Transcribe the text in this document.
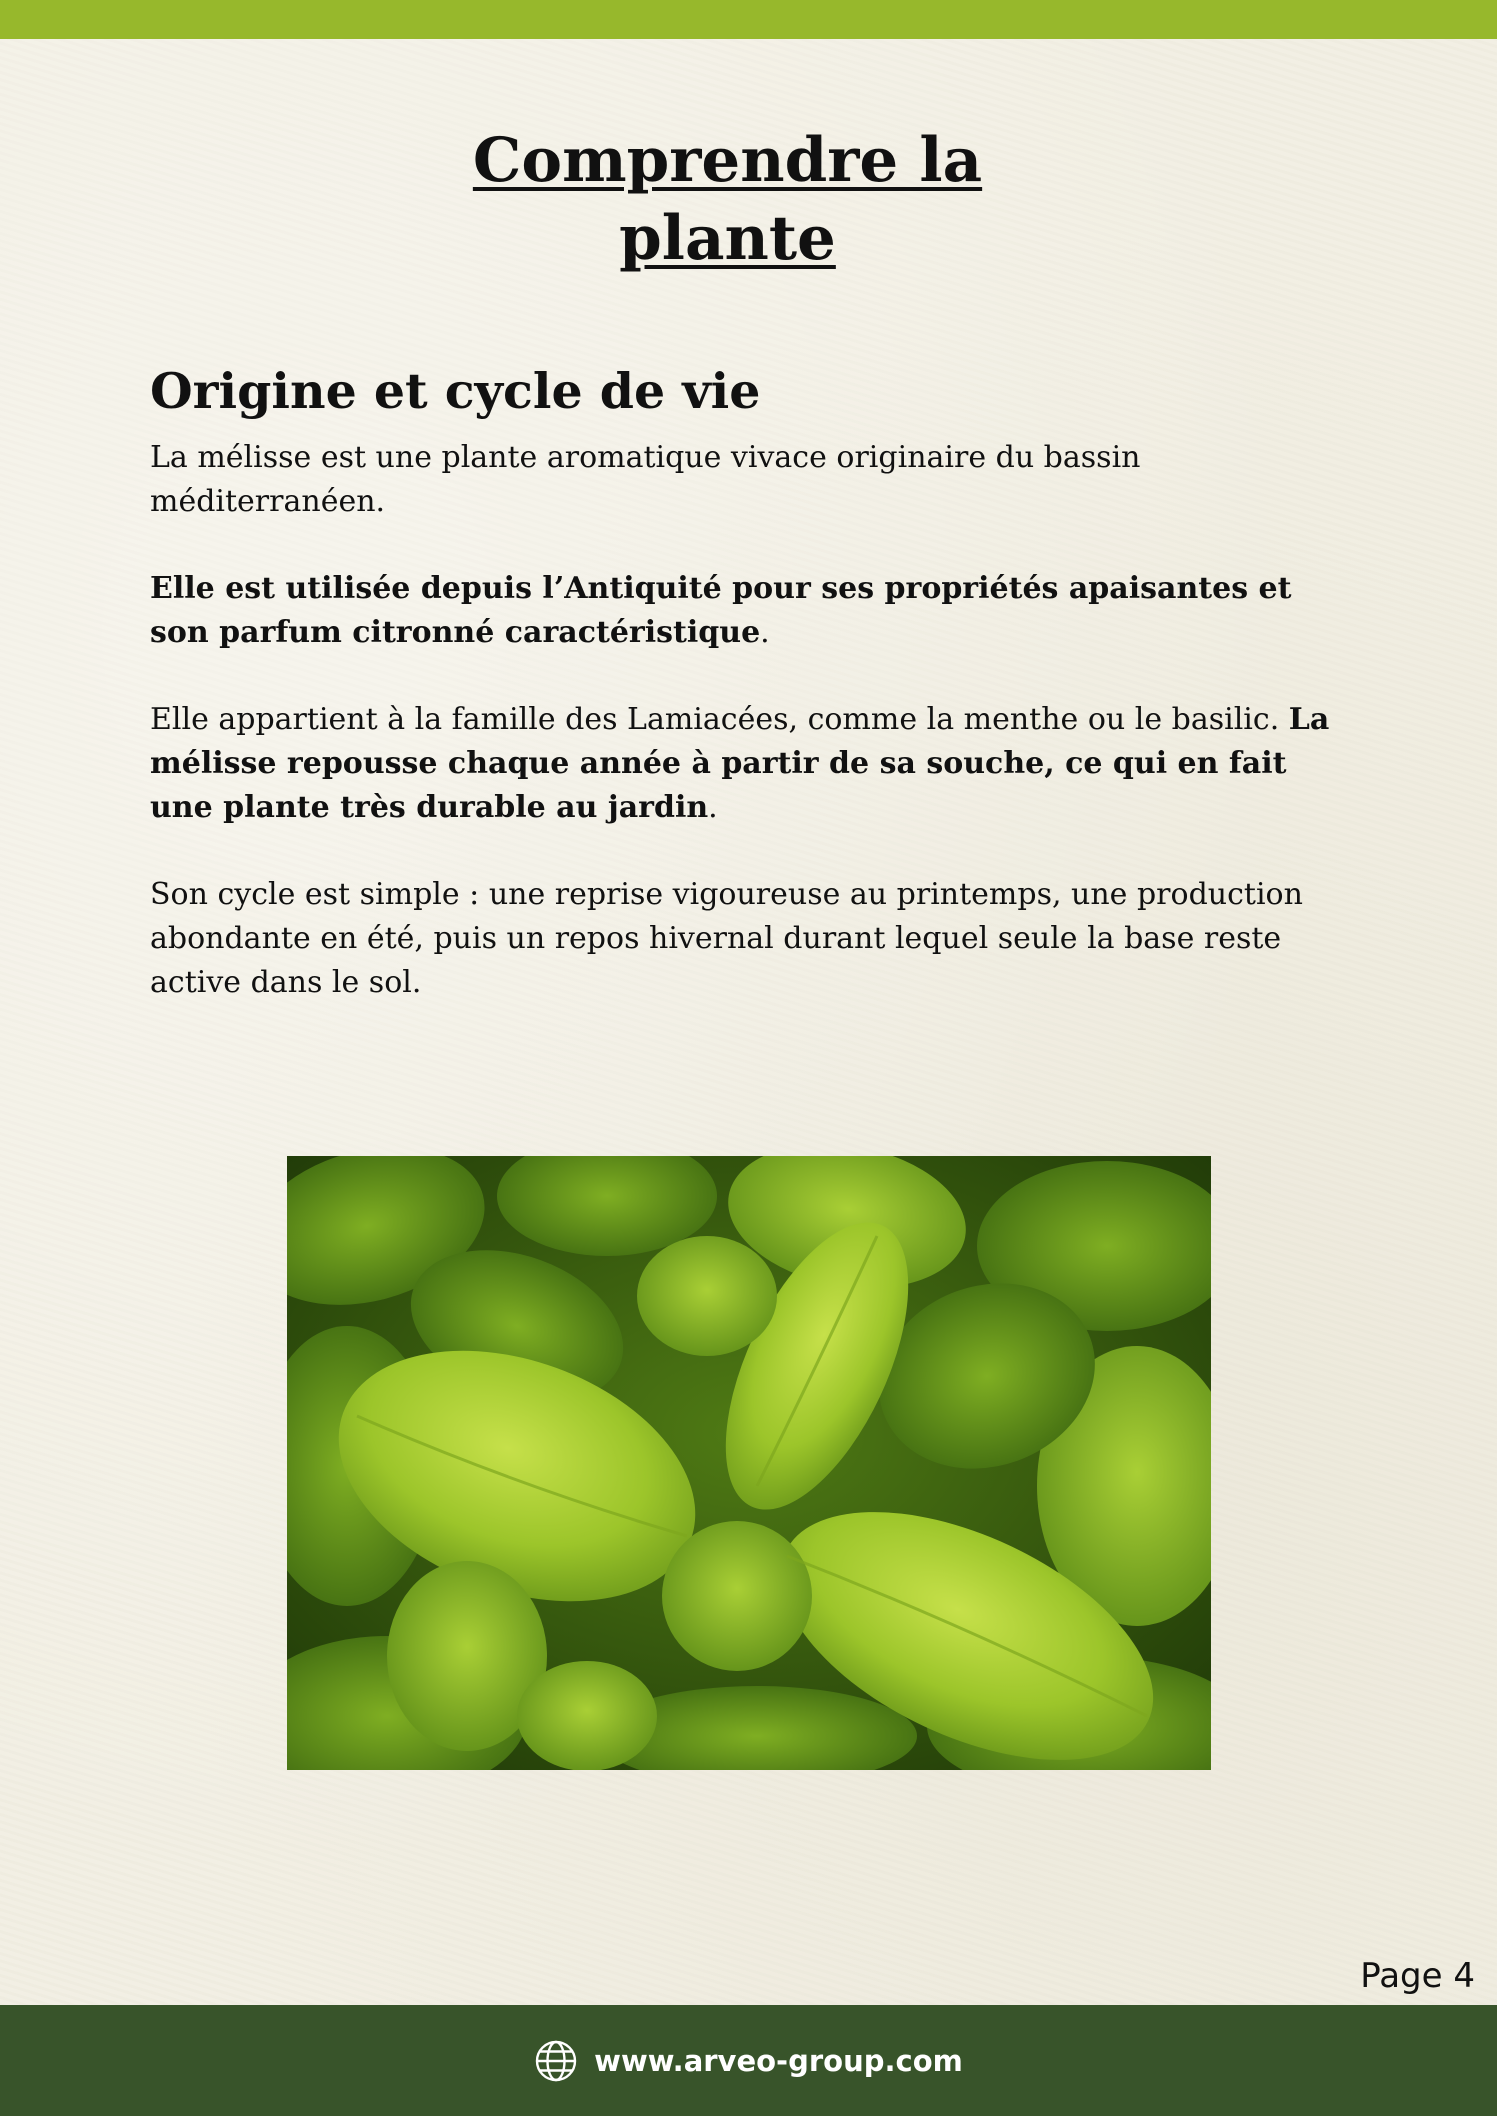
Comprendre la
plante
Origine et cycle de vie

La mélisse est une plante aromatique vivace originaire du bassin méditerranéen.

Elle est utilisée depuis l’Antiquité pour ses propriétés apaisantes et son parfum citronné caractéristique.

Elle appartient à la famille des Lamiacées, comme la menthe ou le basilic. La mélisse repousse chaque année à partir de sa souche, ce qui en fait une plante très durable au jardin.

Son cycle est simple : une reprise vigoureuse au printemps, une production abondante en été, puis un repos hivernal durant lequel seule la base reste active dans le sol.

Page 4
www.arveo-group.com
